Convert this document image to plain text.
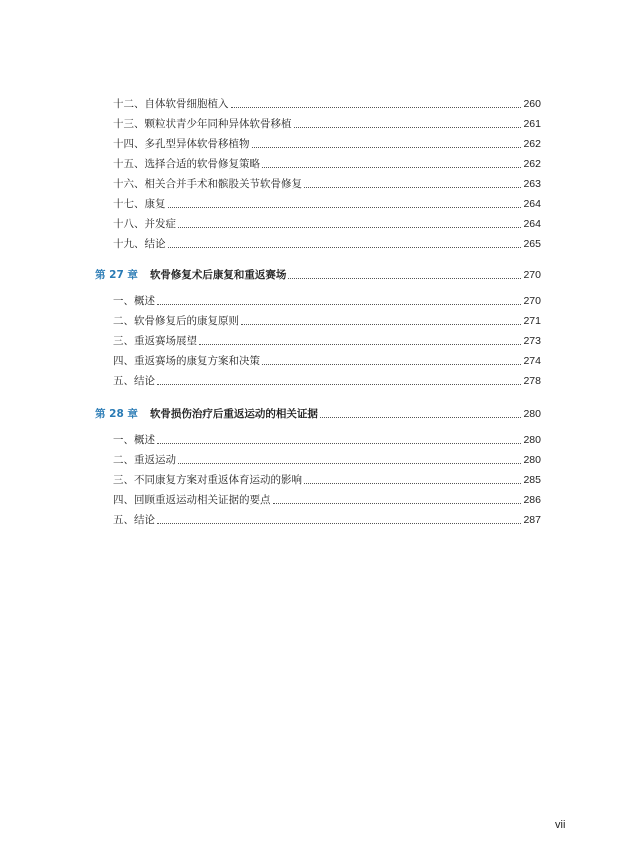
十二、自体软骨细胞植入	260
十三、颗粒状青少年同种异体软骨移植	261
十四、多孔型异体软骨移植物	262
十五、选择合适的软骨修复策略	262
十六、相关合并手术和髌股关节软骨修复	263
十七、康复	264
十八、并发症	264
十九、结论	265
第 27 章 软骨修复术后康复和重返赛场	270
一、概述	270
二、软骨修复后的康复原则	271
三、重返赛场展望	273
四、重返赛场的康复方案和决策	274
五、结论	278
第 28 章 软骨损伤治疗后重返运动的相关证据	280
一、概述	280
二、重返运动	280
三、不同康复方案对重返体育运动的影响	285
四、回顾重返运动相关证据的要点	286
五、结论	287
vii
